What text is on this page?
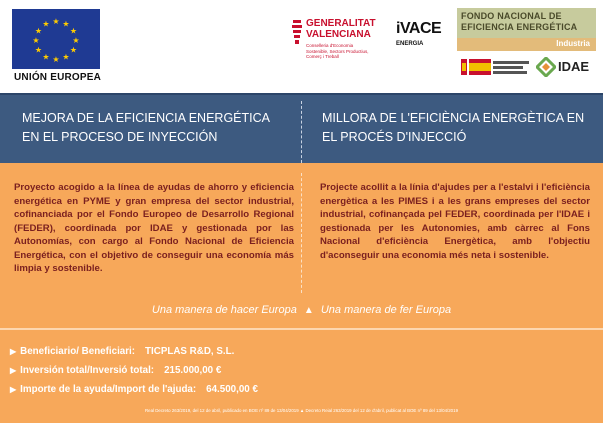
★ ★
★
★
★
★
★
★
★
★
★
★
UNIÓN EUROPEA
GENERALITAT
VALENCIANA
Conselleria d'Economia Sostenible, Sectors Productius, Comerç i Treball
iVACE
ENERGIA
FONDO NACIONAL DE
EFICIENCIA ENERGÉTICA
Industria
IDAE
MEJORA DE LA EFICIENCIA ENERGÉTICA EN EL PROCESO DE INYECCIÓN
MILLORA DE L'EFICIÈNCIA ENERGÈTICA EN EL PROCÉS D'INJECCIÓ
Proyecto acogido a la línea de ayudas de ahorro y eficiencia energética en PYME y gran empresa del sector industrial, cofinanciada por el Fondo Europeo de Desarrollo Regional (FEDER), coordinada por IDAE y gestionada por las Autonomías, con cargo al Fondo Nacional de Eficiencia Energética, con el objetivo de conseguir una economía más limpia y sostenible.
Projecte acollit a la línia d'ajudes per a l'estalvi i l'eficiència energètica a les PIMES i a les grans empreses del sector industrial, cofinançada pel FEDER, coordinada per l'IDAE i gestionada per les Autonomies, amb càrrec al Fons Nacional d'eficiència Energètica, amb l'objectiu d'aconseguir una economia més neta i sostenible.
Una manera de hacer Europa ▲ Una manera de fer Europa
▶ Beneficiario/ Beneficiari: TICPLAS R&D, S.L.
▶ Inversión total/Inversió total: 215.000,00 €
▶ Importe de la ayuda/Import de l'ajuda: 64.500,00 €
Real Decreto 263/2019, del 12 de abril, publicado en BOE nº 89 de 13/04/2019 ▲ Decreto Reial 263/2019 del 12 de d'abril, publicat al BOE nº 89 del 13/04/2019
